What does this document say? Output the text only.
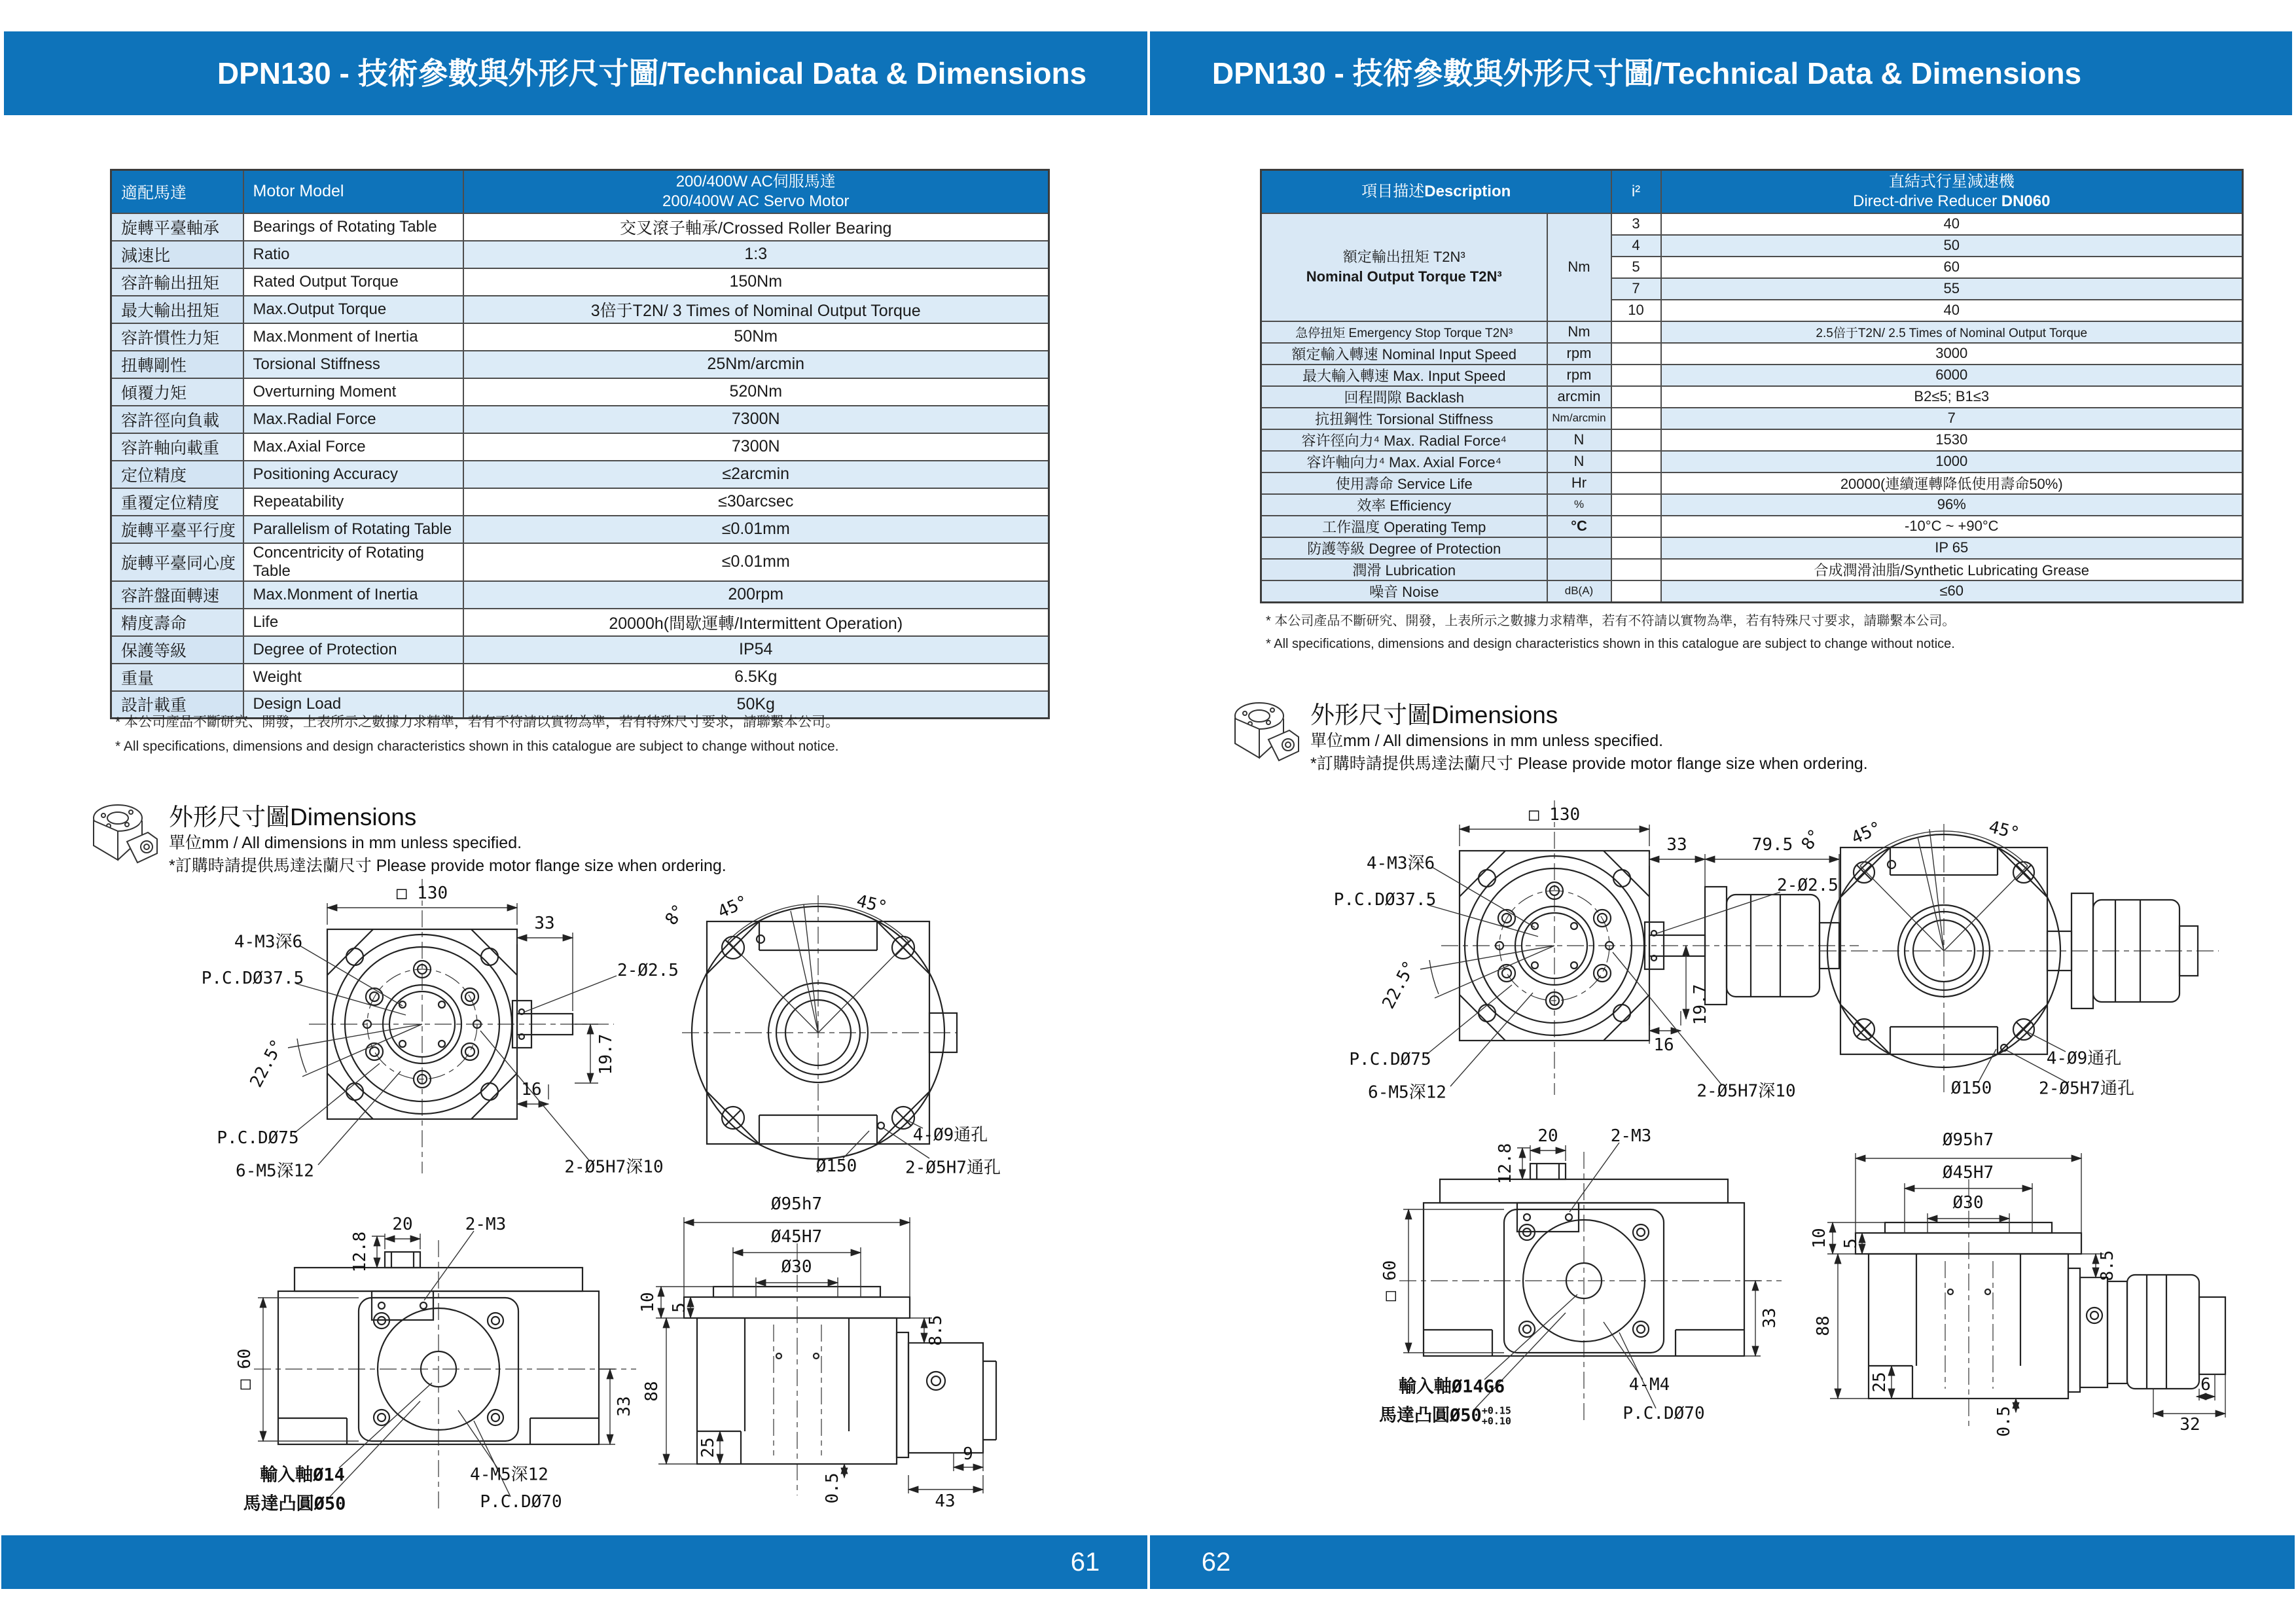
DPN130 - 技術參數與外形尺寸圖/Technical Data & Dimensions	DPN130 - 技術參數與外形尺寸圖/Technical Data & Dimensions
適配馬達	Motor Model	200/400W AC伺服馬達
200/400W AC Servo Motor

旋轉平臺軸承	Bearings of Rotating Table	交叉滾子軸承/Crossed Roller Bearing
減速比	Ratio	1:3
容許輸出扭矩	Rated Output Torque	150Nm
最大輸出扭矩	Max.Output Torque	3倍于T2N/ 3 Times of Nominal Output Torque
容許慣性力矩	Max.Monment of Inertia	50Nm
扭轉剛性	Torsional Stiffness	25Nm/arcmin
傾覆力矩	Overturning Moment	520Nm
容許徑向負載	Max.Radial Force	7300N
容許軸向載重	Max.Axial Force	7300N
定位精度	Positioning Accuracy	≤2arcmin
重覆定位精度	Repeatability	≤30arcsec
旋轉平臺平行度	Parallelism of Rotating Table	≤0.01mm
旋轉平臺同心度	Concentricity of Rotating Table	≤0.01mm
容許盤面轉速	Max.Monment of Inertia	200rpm
精度壽命	Life	20000h(間歇運轉/Intermittent Operation)
保護等級	Degree of Protection	IP54
重量	Weight	6.5Kg
設計載重	Design Load	50Kg
* 本公司產品不斷研究、開發，上表所示之數據力求精準，若有不符請以實物為準，若有特殊尺寸要求，請聯繫本公司。
* All specifications, dimensions and design characteristics shown in this catalogue are subject to change without notice.
項目描述Description		i²	直結式行星減速機
Direct-drive Reducer DN060

額定輸出扭矩 T2N³
Nominal Output Torque T2N³	Nm	3	40
		4	50
		5	60
		7	55
		10	40
急停扭矩 Emergency Stop Torque T2N³	Nm		2.5倍于T2N/ 2.5 Times of Nominal Output Torque
額定輸入轉速 Nominal Input Speed	rpm		3000
最大輸入轉速 Max. Input Speed	rpm		6000
回程間隙 Backlash	arcmin		B2≤5; B1≤3
抗扭鋼性 Torsional Stiffness	Nm/arcmin		7
容许徑向力⁴ Max. Radial Force⁴	N		1530
容许軸向力⁴ Max. Axial Force⁴	N		1000
使用壽命 Service Life	Hr		20000(連續運轉降低使用壽命50%)
效率 Efficiency	%		96%
工作溫度 Operating Temp	°C		-10°C ~ +90°C
防護等級 Degree of Protection			IP 65
潤滑 Lubrication			合成潤滑油脂/Synthetic Lubricating Grease
噪音 Noise	dB(A)		≤60
* 本公司產品不斷研究、開發，上表所示之數據力求精準，若有不符請以實物為準，若有特殊尺寸要求，請聯繫本公司。
* All specifications, dimensions and design characteristics shown in this catalogue are subject to change without notice.
外形尺寸圖Dimensions
單位mm / All dimensions in mm unless specified.
*訂購時請提供馬達法蘭尺寸 Please provide motor flange size when ordering.
外形尺寸圖Dimensions
單位mm / All dimensions in mm unless specified.
*訂購時請提供馬達法蘭尺寸 Please provide motor flange size when ordering.
□ 130
33
2-Ø2.5
4-M3深6
P.C.DØ37.5
22.5°
P.C.DØ75
6-M5深12
16
19.7
2-Ø5H7深10
8° 45°	45°
4-Ø9通孔
Ø150	2-Ø5H7通孔
12.8
20	2-M3
□ 60
33
輸入軸Ø14
馬達凸圓Ø50
4-M5深12
P.C.DØ70
Ø95h7
Ø45H7
Ø30
10 5
8.5
88
25
0.5
9
43
□ 130
33	79.5
2-Ø2.5
4-M3深6
P.C.DØ37.5
22.5°
P.C.DØ75
6-M5深12
16
19.7
2-Ø5H7深10
8° 45°	45°
4-Ø9通孔
Ø150	2-Ø5H7通孔
12.8
20	2-M3
□ 60
33
輸入軸Ø14G6
馬達凸圓Ø50 +0.15
+0.10
4-M4
P.C.DØ70
Ø95h7
Ø45H7
Ø30
10 5
8.5
88
25
0.5
6
32
61	62
